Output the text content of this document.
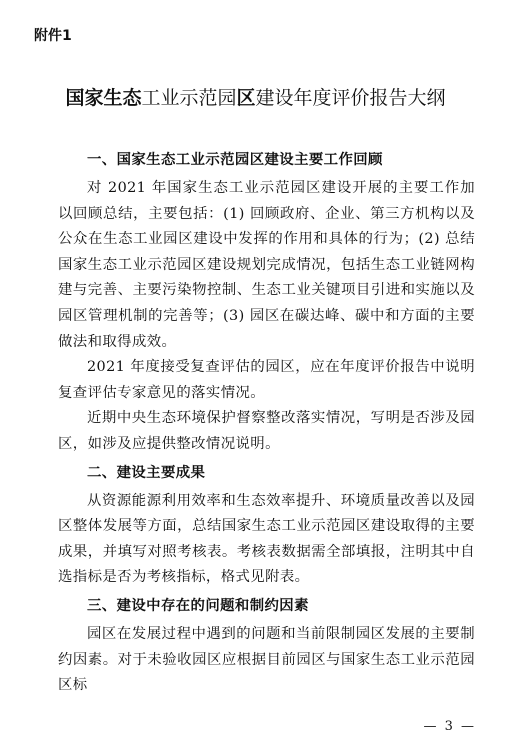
附件1
国家生态工业示范园区建设年度评价报告大纲
一、国家生态工业示范园区建设主要工作回顾

对 2021 年国家生态工业示范园区建设开展的主要工作加以回顾总结，主要包括：(1) 回顾政府、企业、第三方机构以及公众在生态工业园区建设中发挥的作用和具体的行为；(2) 总结国家生态工业示范园区建设规划完成情况，包括生态工业链网构建与完善、主要污染物控制、生态工业关键项目引进和实施以及园区管理机制的完善等；(3) 园区在碳达峰、碳中和方面的主要做法和取得成效。

2021 年度接受复查评估的园区，应在年度评价报告中说明复查评估专家意见的落实情况。

近期中央生态环境保护督察整改落实情况，写明是否涉及园区，如涉及应提供整改情况说明。

二、建设主要成果

从资源能源利用效率和生态效率提升、环境质量改善以及园区整体发展等方面，总结国家生态工业示范园区建设取得的主要成果，并填写对照考核表。考核表数据需全部填报，注明其中自选指标是否为考核指标，格式见附表。

三、建设中存在的问题和制约因素

园区在发展过程中遇到的问题和当前限制园区发展的主要制约因素。对于未验收园区应根据目前园区与国家生态工业示范园区标

— 3 —
